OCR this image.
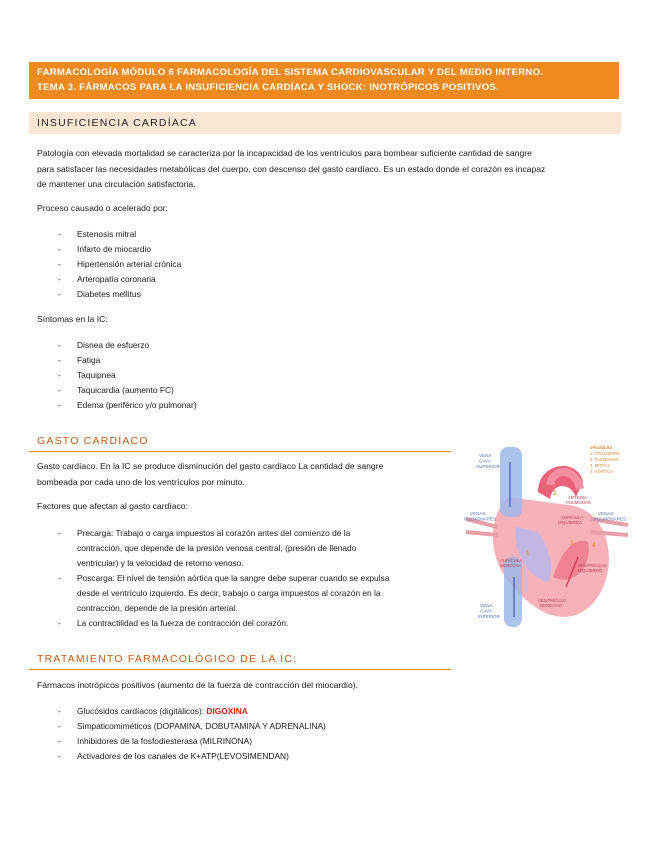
FARMACOLOGÍA MÓDULO 6 FARMACOLOGÍA DEL SISTEMA CARDIOVASCULAR Y DEL MEDIO INTERNO.
TEMA 3. FÁRMACOS PARA LA INSUFICIENCIA CARDÍACA Y SHOCK: INOTRÓPICOS POSITIVOS.
INSUFICIENCIA CARDÍACA
Patología con elevada mortalidad se caracteriza por la incapacidad de los ventrículos para bombear suficiente cantidad de sangre
para satisfacer las necesidades metabólicas del cuerpo, con descenso del gasto cardíaco. Es un estado donde el corazón es incapaz
de mantener una circulación satisfactoria.
Proceso causado o acelerado por:
- Estenosis mitral
- Infarto de miocardio
- Hipertensión arterial crónica
- Arteropatía coronaria
- Diabetes mellitus
Síntomas en la IC:
- Disnea de esfuerzo
- Fatiga
- Taquipnea
- Taquicardia (aumento FC)
- Edema (periférico y/o pulmonar)
GASTO CARDÍACO
Gasto cardíaco. En la IC se produce disminución del gasto cardíaco La cantidad de sangre
bombeada por cada uno de los ventrículos por minuto.
Factores que afectan al gasto cardíaco:
- Precarga: Trabajo o carga impuestos al corazón antes del comienzo de la
contracción, que depende de la presión venosa central, (presión de llenado
ventricular) y la velocidad de retorno venoso.
- Poscarga: El nivel de tensión aórtica que la sangre debe superar cuando se expulsa
desde el ventrículo izquierdo. Es decir, trabajo o carga impuestos al corazón en la
contracción, depende de la presión arterial.
- La contractilidad es la fuerza de contracción del corazón.
VENA CAVA SUPERIOR
VENAS PULMONARES
VENAS PULMONARES
VENA CAVA INFERIOR
ARTERIA PULMONAR
AURÍCULA IZQUIERDA
VENTRÍCULO IZQUIERDO
VENTRÍCULO DERECHO
AURÍCULA DERECHA
VÁLVULAS
1. TRICÚSPIDE
2. PULMONAR
3. MITRAL
4. AÓRTICA
1
2
3	4
TRATAMIENTO FARMACOLÓGICO DE LA IC:
Fármacos inotrópicos positivos (aumento de la fuerza de contracción del miocardio).
- Glucósidos cardíacos (digitálicos): DIGOXINA
- Simpaticomiméticos (DOPAMINA, DOBUTAMINA Y ADRENALINA)
- Inhibidores de la fosfodiesterasa (MILRINONA)
- Activadores de los canales de K+ATP(LEVOSIMENDAN)
